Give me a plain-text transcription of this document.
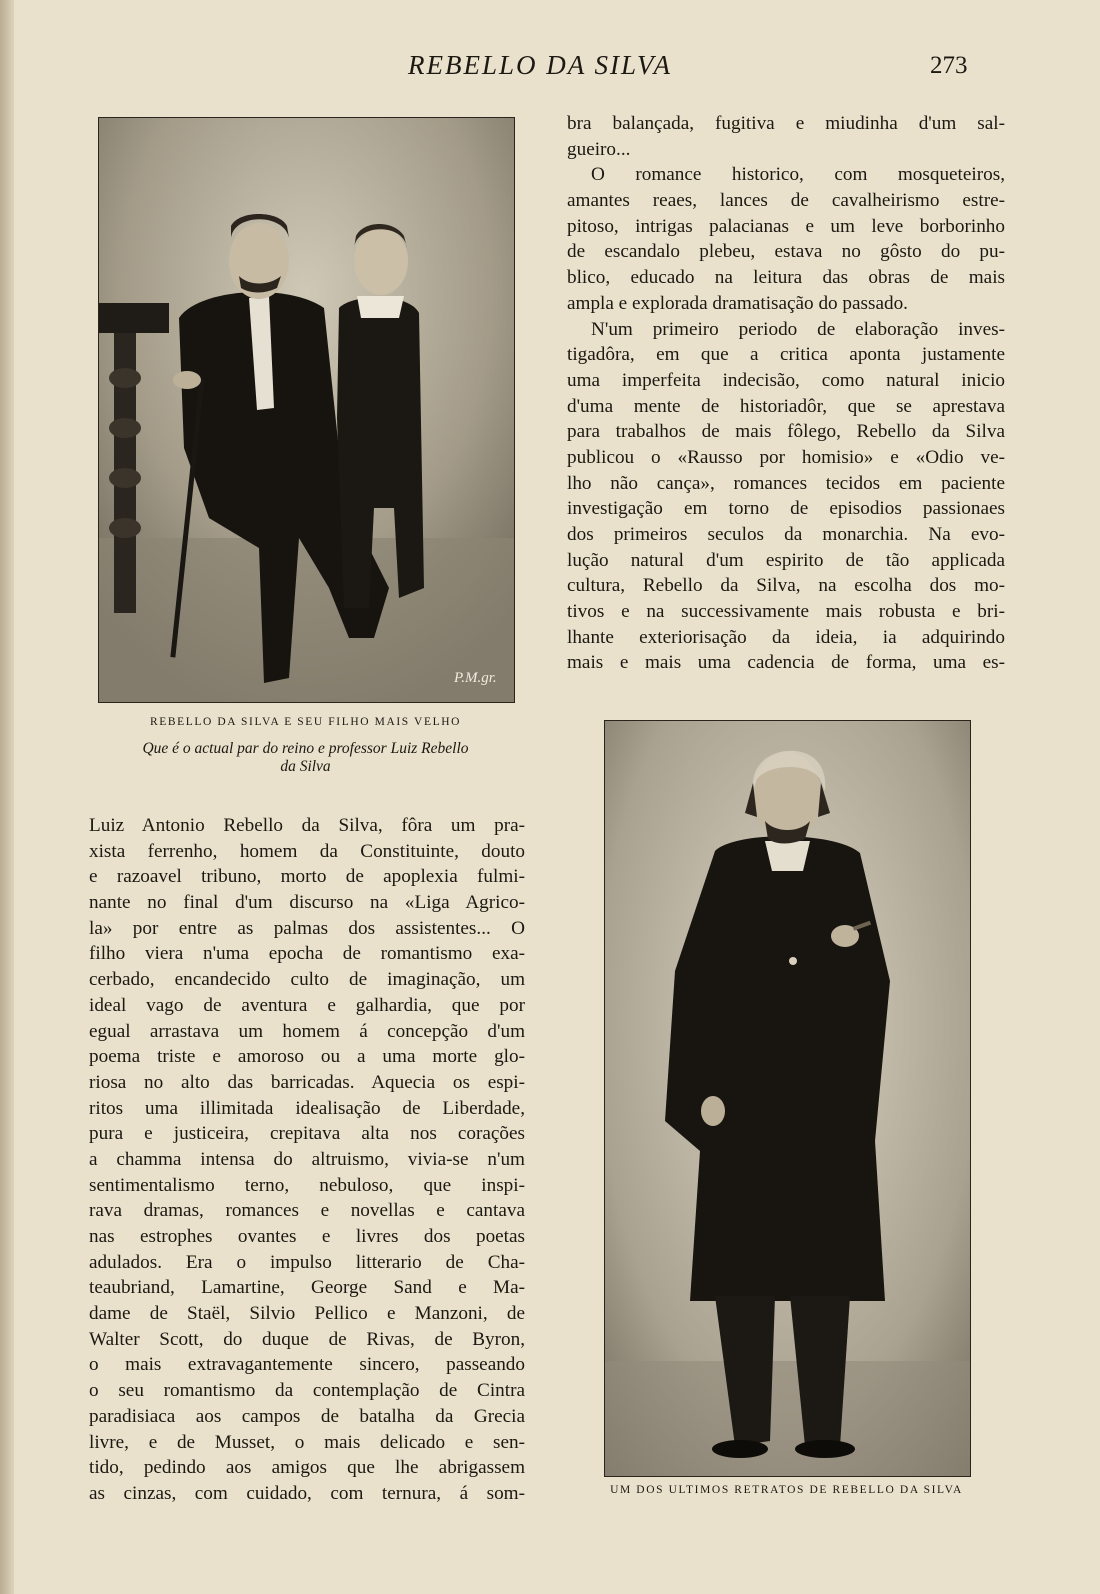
REBELLO DA SILVA	273
P.M.gr.
REBELLO DA SILVA E SEU FILHO MAIS VELHO
Que é o actual par do reino e professor Luiz Rebello
da Silva
UM DOS ULTIMOS RETRATOS DE REBELLO DA SILVA
bra balançada, fugitiva e miudinha d'um sal-
gueiro...
O romance historico, com mosqueteiros,
amantes reaes, lances de cavalheirismo estre-
pitoso, intrigas palacianas e um leve borborinho
de escandalo plebeu, estava no gôsto do pu-
blico, educado na leitura das obras de mais
ampla e explorada dramatisação do passado.
N'um primeiro periodo de elaboração inves-
tigadôra, em que a critica aponta justamente
uma imperfeita indecisão, como natural inicio
d'uma mente de historiadôr, que se aprestava
para trabalhos de mais fôlego, Rebello da Silva
publicou o «Rausso por homisio» e «Odio ve-
lho não cança», romances tecidos em paciente
investigação em torno de episodios passionaes
dos primeiros seculos da monarchia. Na evo-
lução natural d'um espirito de tão applicada
cultura, Rebello da Silva, na escolha dos mo-
tivos e na successivamente mais robusta e bri-
lhante exteriorisação da ideia, ia adquirindo
mais e mais uma cadencia de forma, uma es-
Luiz Antonio Rebello da Silva, fôra um pra-
xista ferrenho, homem da Constituinte, douto
e razoavel tribuno, morto de apoplexia fulmi-
nante no final d'um discurso na «Liga Agrico-
la» por entre as palmas dos assistentes... O
filho viera n'uma epocha de romantismo exa-
cerbado, encandecido culto de imaginação, um
ideal vago de aventura e galhardia, que por
egual arrastava um homem á concepção d'um
poema triste e amoroso ou a uma morte glo-
riosa no alto das barricadas. Aquecia os espi-
ritos uma illimitada idealisação de Liberdade,
pura e justiceira, crepitava alta nos corações
a chamma intensa do altruismo, vivia-se n'um
sentimentalismo terno, nebuloso, que inspi-
rava dramas, romances e novellas e cantava
nas estrophes ovantes e livres dos poetas
adulados. Era o impulso litterario de Cha-
teaubriand, Lamartine, George Sand e Ma-
dame de Staël, Silvio Pellico e Manzoni, de
Walter Scott, do duque de Rivas, de Byron,
o mais extravagantemente sincero, passeando
o seu romantismo da contemplação de Cintra
paradisiaca aos campos de batalha da Grecia
livre, e de Musset, o mais delicado e sen-
tido, pedindo aos amigos que lhe abrigassem
as cinzas, com cuidado, com ternura, á som-
